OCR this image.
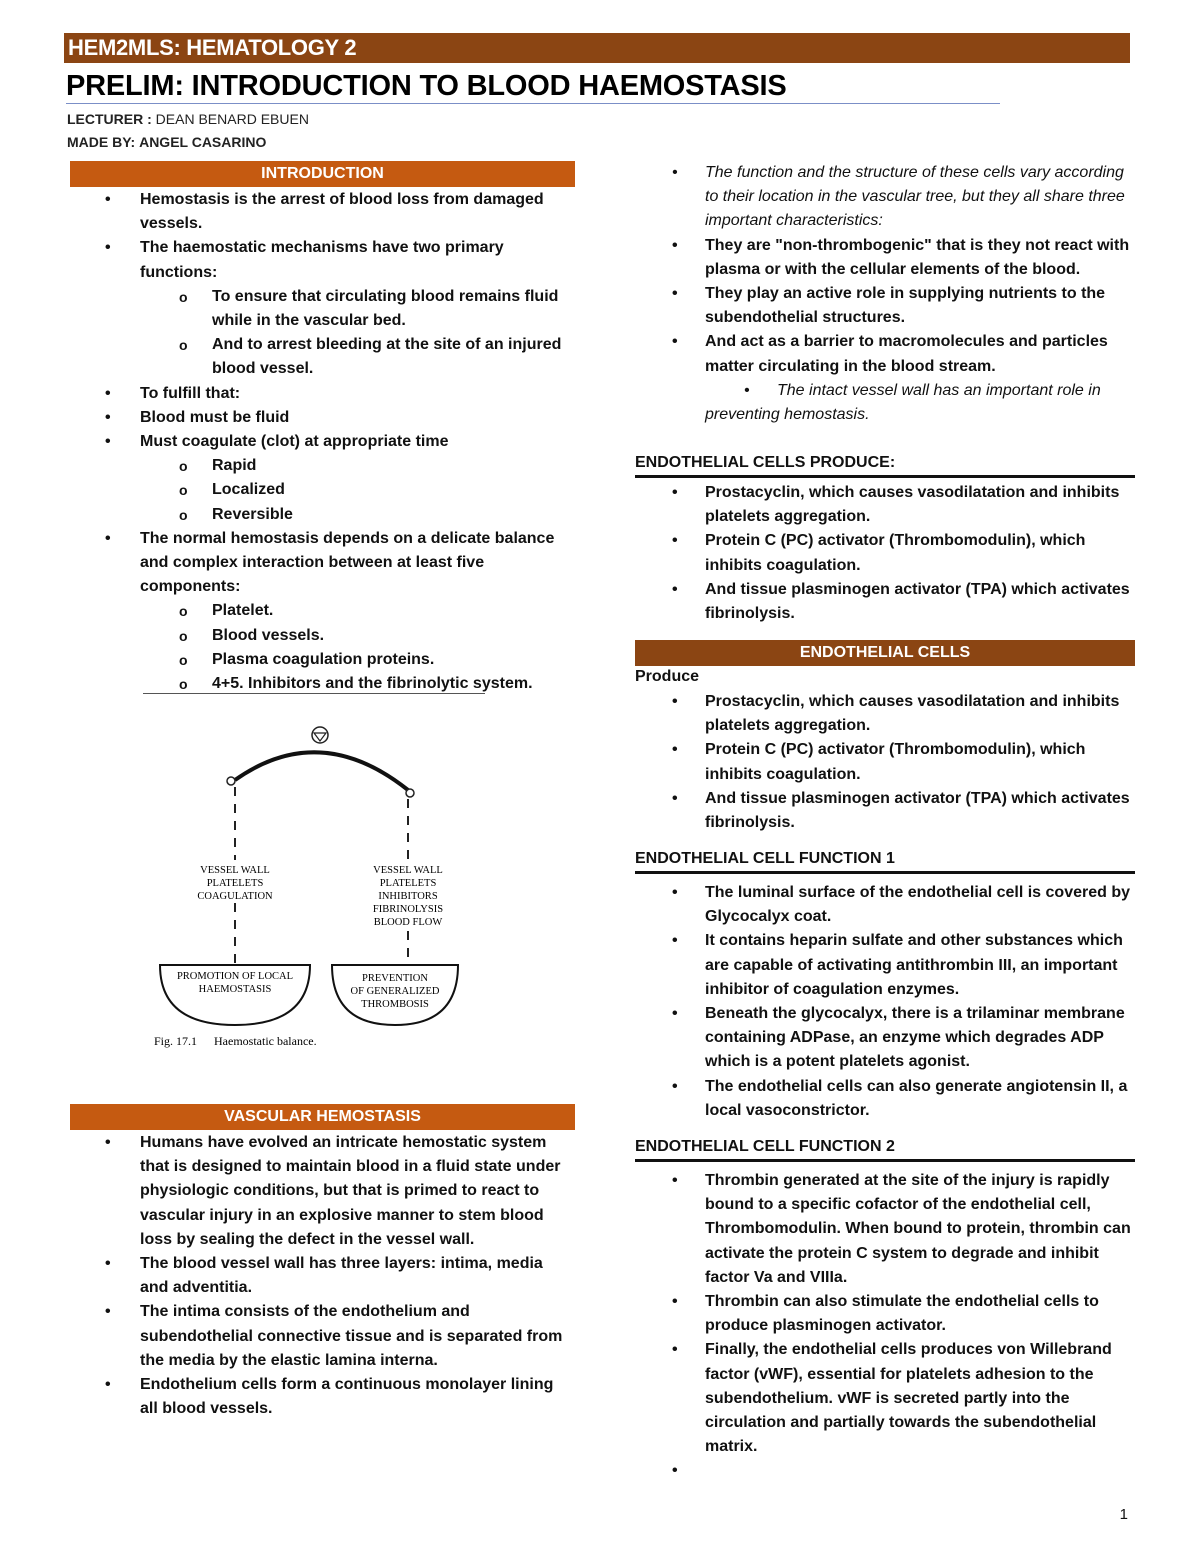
HEM2MLS: HEMATOLOGY 2
PRELIM: INTRODUCTION TO BLOOD HAEMOSTASIS
LECTURER : DEAN BENARD EBUEN
MADE BY: ANGEL CASARINO
INTRODUCTION
• Hemostasis is the arrest of blood loss from damaged vessels.
• The haemostatic mechanisms have two primary functions:
o To ensure that circulating blood remains fluid while in the vascular bed.
o And to arrest bleeding at the site of an injured blood vessel.
• To fulfill that:
• Blood must be fluid
• Must coagulate (clot) at appropriate time
o Rapid
o Localized
o Reversible
• The normal hemostasis depends on a delicate balance and complex interaction between at least five components:
o Platelet.
o Blood vessels.
o Plasma coagulation proteins.
o 4+5. Inhibitors and the fibrinolytic system.
VESSEL WALL
PLATELETS
COAGULATION
VESSEL WALL
PLATELETS
INHIBITORS
FIBRINOLYSIS
BLOOD FLOW
PROMOTION OF LOCAL
HAEMOSTASIS
PREVENTION
OF GENERALIZED
THROMBOSIS
Fig. 17.1 Haemostatic balance.
VASCULAR HEMOSTASIS
• Humans have evolved an intricate hemostatic system that is designed to maintain blood in a fluid state under physiologic conditions, but that is primed to react to vascular injury in an explosive manner to stem blood loss by sealing the defect in the vessel wall.
• The blood vessel wall has three layers: intima, media and adventitia.
• The intima consists of the endothelium and subendothelial connective tissue and is separated from the media by the elastic lamina interna.
• Endothelium cells form a continuous monolayer lining all blood vessels.
• The function and the structure of these cells vary according to their location in the vascular tree, but they all share three important characteristics:
• They are "non-thrombogenic" that is they not react with plasma or with the cellular elements of the blood.
• They play an active role in supplying nutrients to the subendothelial structures.
• And act as a barrier to macromolecules and particles matter circulating in the blood stream.
• The intact vessel wall has an important role in preventing hemostasis.
ENDOTHELIAL CELLS PRODUCE:
• Prostacyclin, which causes vasodilatation and inhibits platelets aggregation.
• Protein C (PC) activator (Thrombomodulin), which inhibits coagulation.
• And tissue plasminogen activator (TPA) which activates fibrinolysis.
ENDOTHELIAL CELLS
Produce
• Prostacyclin, which causes vasodilatation and inhibits platelets aggregation.
• Protein C (PC) activator (Thrombomodulin), which inhibits coagulation.
• And tissue plasminogen activator (TPA) which activates fibrinolysis.
ENDOTHELIAL CELL FUNCTION 1
• The luminal surface of the endothelial cell is covered by Glycocalyx coat.
• It contains heparin sulfate and other substances which are capable of activating antithrombin III, an important inhibitor of coagulation enzymes.
• Beneath the glycocalyx, there is a trilaminar membrane containing ADPase, an enzyme which degrades ADP which is a potent platelets agonist.
• The endothelial cells can also generate angiotensin II, a local vasoconstrictor.
ENDOTHELIAL CELL FUNCTION 2
• Thrombin generated at the site of the injury is rapidly bound to a specific cofactor of the endothelial cell, Thrombomodulin. When bound to protein, thrombin can activate the protein C system to degrade and inhibit factor Va and VIIIa.
• Thrombin can also stimulate the endothelial cells to produce plasminogen activator.
• Finally, the endothelial cells produces von Willebrand factor (vWF), essential for platelets adhesion to the subendothelium. vWF is secreted partly into the circulation and partially towards the subendothelial matrix.
•
1
